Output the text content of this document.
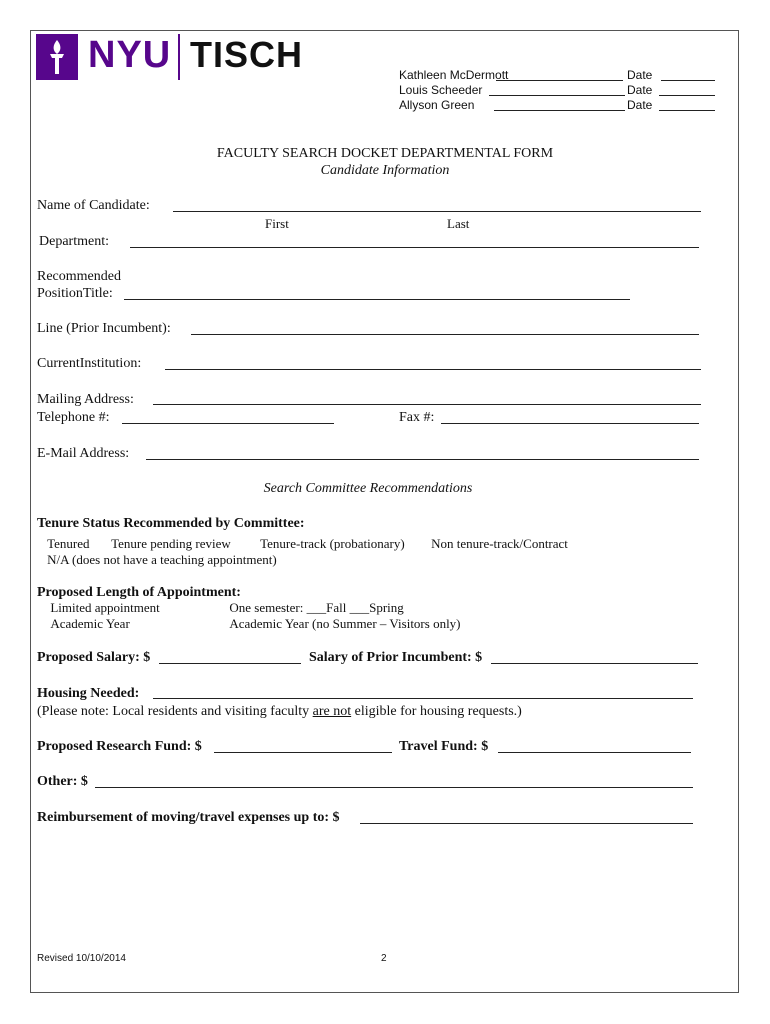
NYU TISCH	Kathleen McDermott	Date
Louis Scheeder	Date
Allyson Green	Date
FACULTY SEARCH DOCKET DEPARTMENTAL FORM
Candidate Information
Name of Candidate:
First	Last
Department:
Recommended
PositionTitle:
Line (Prior Incumbent):
CurrentInstitution:
Mailing Address:
Telephone #:	Fax #:
E-Mail Address:
Search Committee Recommendations
Tenure Status Recommended by Committee:
Tenured Tenure pending review Tenure-track (probationary) Non tenure-track/Contract
N/A (does not have a teaching appointment)
Proposed Length of Appointment:
Limited appointment	One semester: ___Fall ___Spring
Academic Year	Academic Year (no Summer – Visitors only)
Proposed Salary: $	Salary of Prior Incumbent: $
Housing Needed:
(Please note: Local residents and visiting faculty are not eligible for housing requests.)
Proposed Research Fund: $	Travel Fund: $
Other: $
Reimbursement of moving/travel expenses up to: $
Revised 10/10/2014	2
